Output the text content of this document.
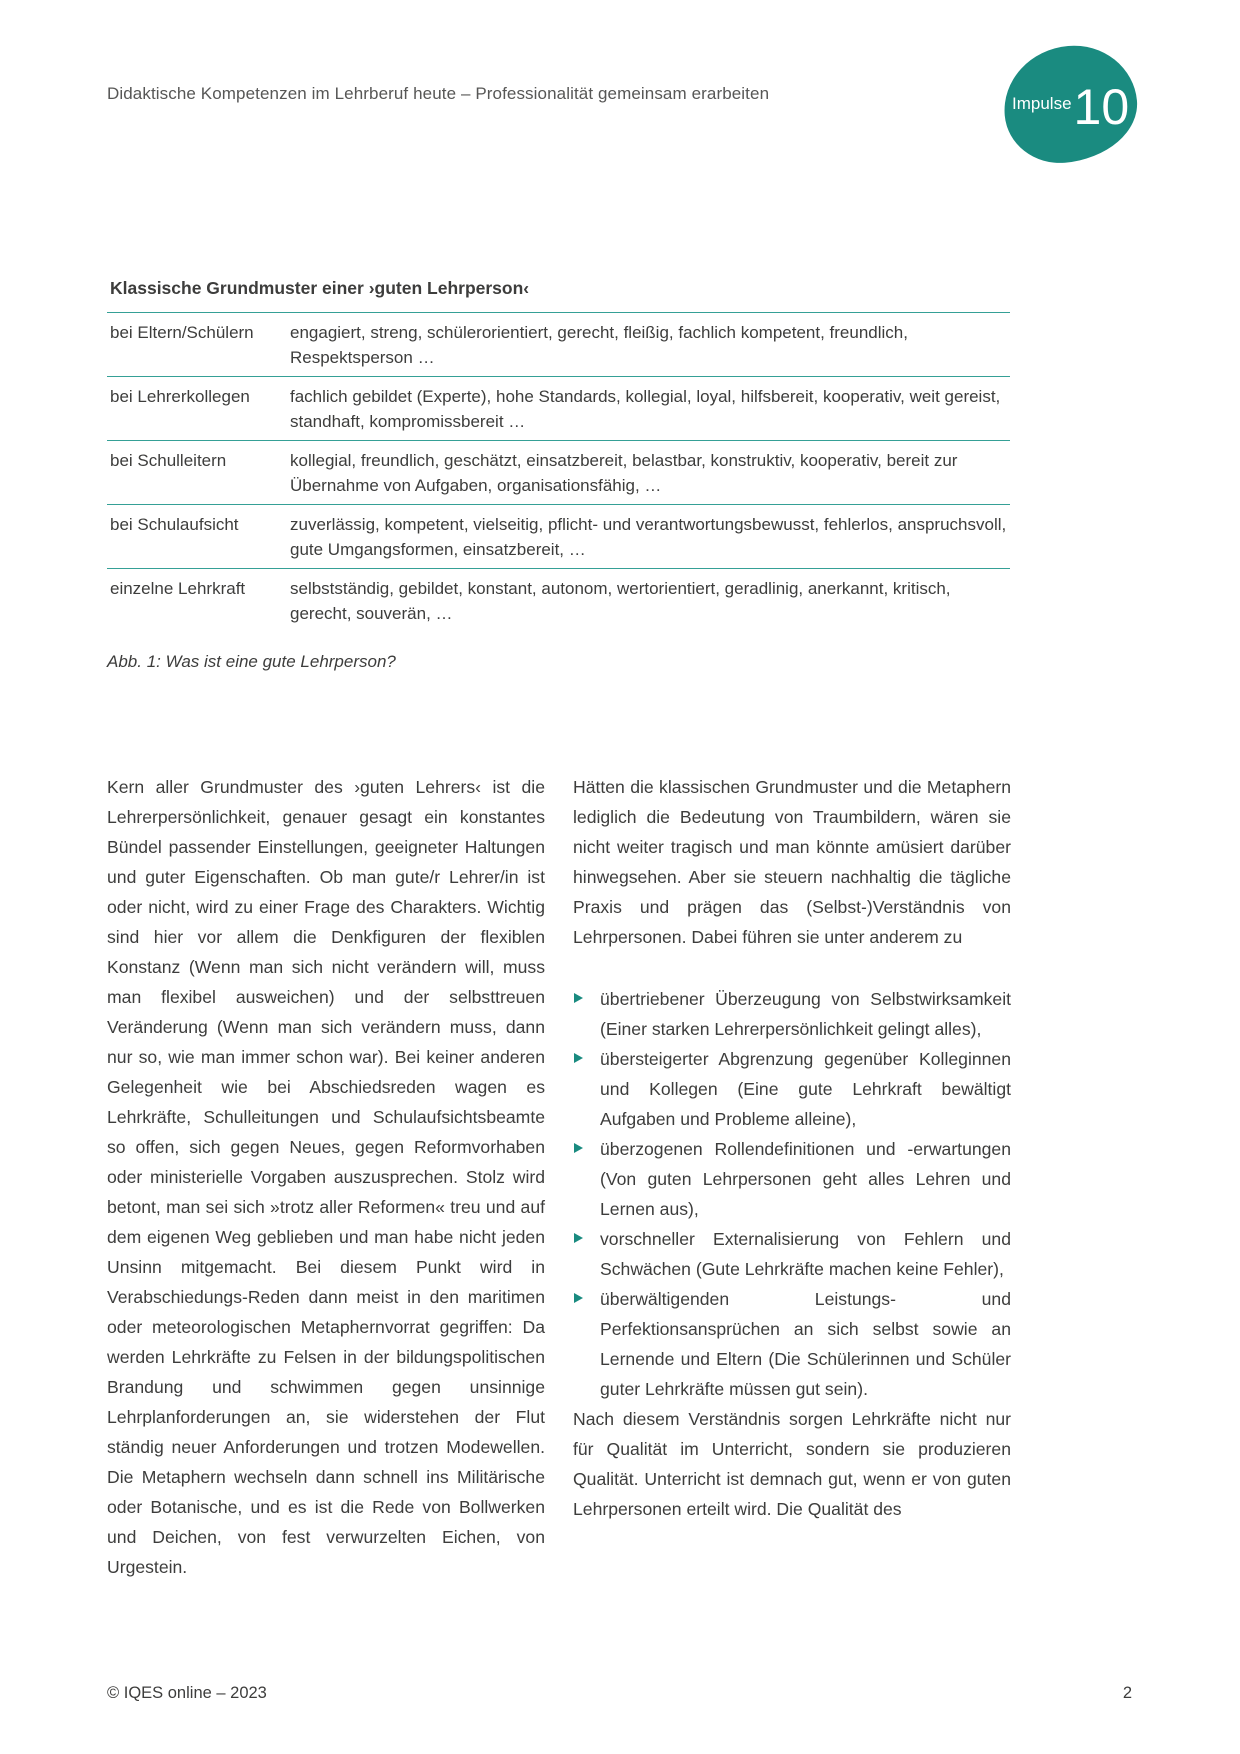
Didaktische Kompetenzen im Lehrberuf heute – Professionalität gemeinsam erarbeiten
Impulse 10
Klassische Grundmuster einer ›guten Lehrperson‹
bei Eltern/Schülern	engagiert, streng, schülerorientiert, gerecht, fleißig, fachlich kompetent, freundlich, Respektsperson …
bei Lehrerkollegen	fachlich gebildet (Experte), hohe Standards, kollegial, loyal, hilfsbereit, kooperativ, weit gereist, standhaft, kompromissbereit …
bei Schulleitern	kollegial, freundlich, geschätzt, einsatzbereit, belastbar, konstruktiv, kooperativ, bereit zur Übernahme von Aufgaben, organisationsfähig, …
bei Schulaufsicht	zuverlässig, kompetent, vielseitig, pflicht- und verantwortungsbewusst, fehlerlos, anspruchsvoll, gute Umgangsformen, einsatzbereit, …
einzelne Lehrkraft	selbstständig, gebildet, konstant, autonom, wertorientiert, geradlinig, anerkannt, kritisch, gerecht, souverän, …
Abb. 1: Was ist eine gute Lehrperson?

Kern aller Grundmuster des ›guten Lehrers‹ ist die Lehrerpersönlichkeit, genauer gesagt ein konstantes Bündel passender Einstellungen, geeigneter Haltungen und guter Eigenschaften. Ob man gute/r Lehrer/in ist oder nicht, wird zu einer Frage des Charakters. Wichtig sind hier vor allem die Denkfiguren der flexiblen Konstanz (Wenn man sich nicht verändern will, muss man flexibel ausweichen) und der selbsttreuen Veränderung (Wenn man sich verändern muss, dann nur so, wie man immer schon war). Bei keiner anderen Gelegenheit wie bei Abschiedsreden wagen es Lehrkräfte, Schulleitungen und Schulaufsichtsbeamte so offen, sich gegen Neues, gegen Reformvorhaben oder ministerielle Vorgaben auszusprechen. Stolz wird betont, man sei sich »trotz aller Reformen« treu und auf dem eigenen Weg geblieben und man habe nicht jeden Unsinn mitgemacht. Bei diesem Punkt wird in Verabschiedungs-Reden dann meist in den maritimen oder meteorologischen Metaphernvorrat gegriffen: Da werden Lehrkräfte zu Felsen in der bildungspolitischen Brandung und schwimmen gegen unsinnige Lehrplanforderungen an, sie widerstehen der Flut ständig neuer Anforderungen und trotzen Modewellen. Die Metaphern wechseln dann schnell ins Militärische oder Botanische, und es ist die Rede von Bollwerken und Deichen, von fest verwurzelten Eichen, von Urgestein.

Hätten die klassischen Grundmuster und die Metaphern lediglich die Bedeutung von Traumbildern, wären sie nicht weiter tragisch und man könnte amüsiert darüber hinwegsehen. Aber sie steuern nachhaltig die tägliche Praxis und prägen das (Selbst-)Verständnis von Lehrpersonen. Dabei führen sie unter anderem zu

übertriebener Überzeugung von Selbstwirksamkeit (Einer starken Lehrerpersönlichkeit gelingt alles),
übersteigerter Abgrenzung gegenüber Kolleginnen und Kollegen (Eine gute Lehrkraft bewältigt Aufgaben und Probleme alleine),
überzogenen Rollendefinitionen und -erwartungen (Von guten Lehrpersonen geht alles Lehren und Lernen aus),
vorschneller Externalisierung von Fehlern und Schwächen (Gute Lehrkräfte machen keine Fehler),
überwältigenden Leistungs- und Perfektionsansprüchen an sich selbst sowie an Lernende und Eltern (Die Schülerinnen und Schüler guter Lehrkräfte müssen gut sein).

Nach diesem Verständnis sorgen Lehrkräfte nicht nur für Qualität im Unterricht, sondern sie produzieren Qualität. Unterricht ist demnach gut, wenn er von guten Lehrpersonen erteilt wird. Die Qualität des

© IQES online – 2023	2
